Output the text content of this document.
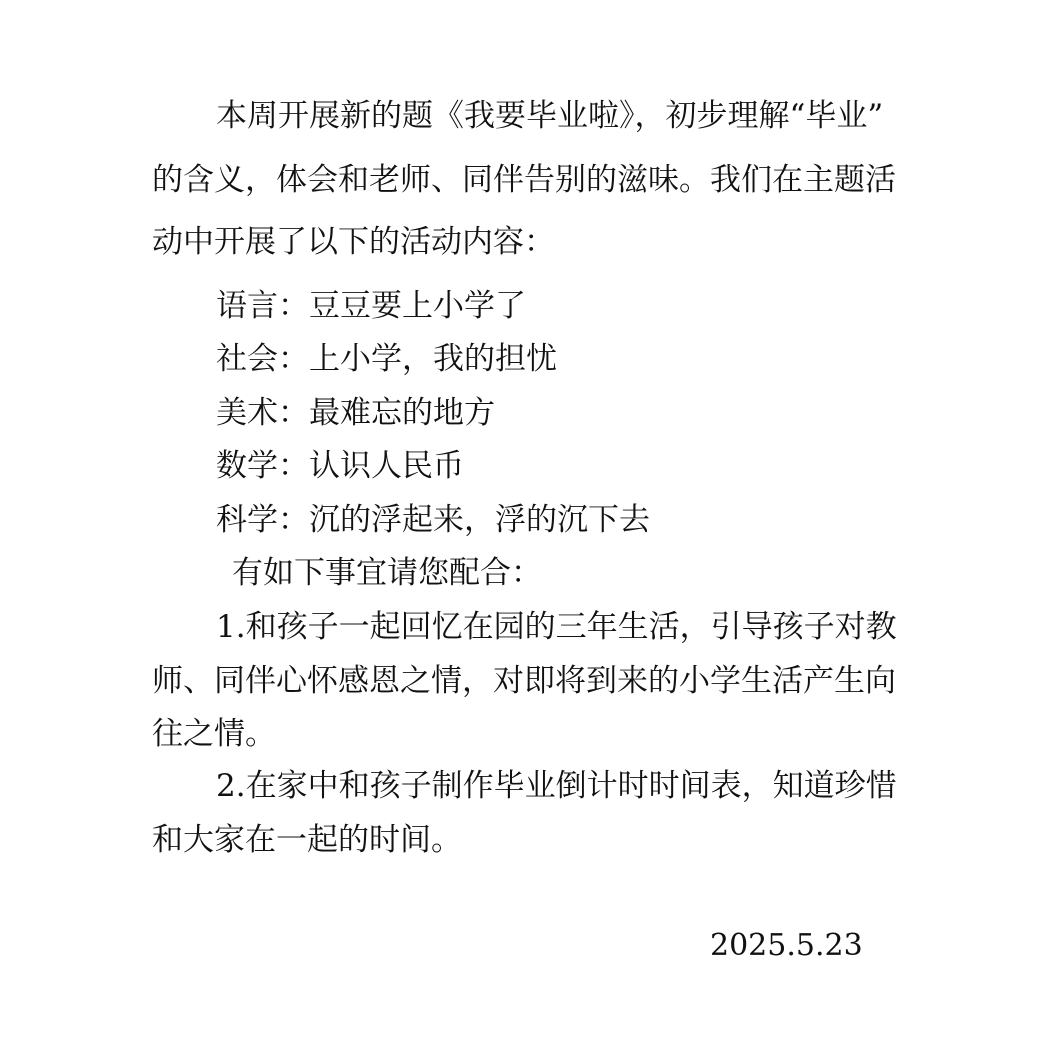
本周开展新的题《我要毕业啦》，初步理解“毕业”
的含义，体会和老师、同伴告别的滋味。我们在主题活
动中开展了以下的活动内容：
语言：豆豆要上小学了
社会：上小学，我的担忧
美术：最难忘的地方
数学：认识人民币
科学：沉的浮起来，浮的沉下去
有如下事宜请您配合：
1.和孩子一起回忆在园的三年生活，引导孩子对教
师、同伴心怀感恩之情，对即将到来的小学生活产生向
往之情。
2.在家中和孩子制作毕业倒计时时间表，知道珍惜
和大家在一起的时间。
2025.5.23
